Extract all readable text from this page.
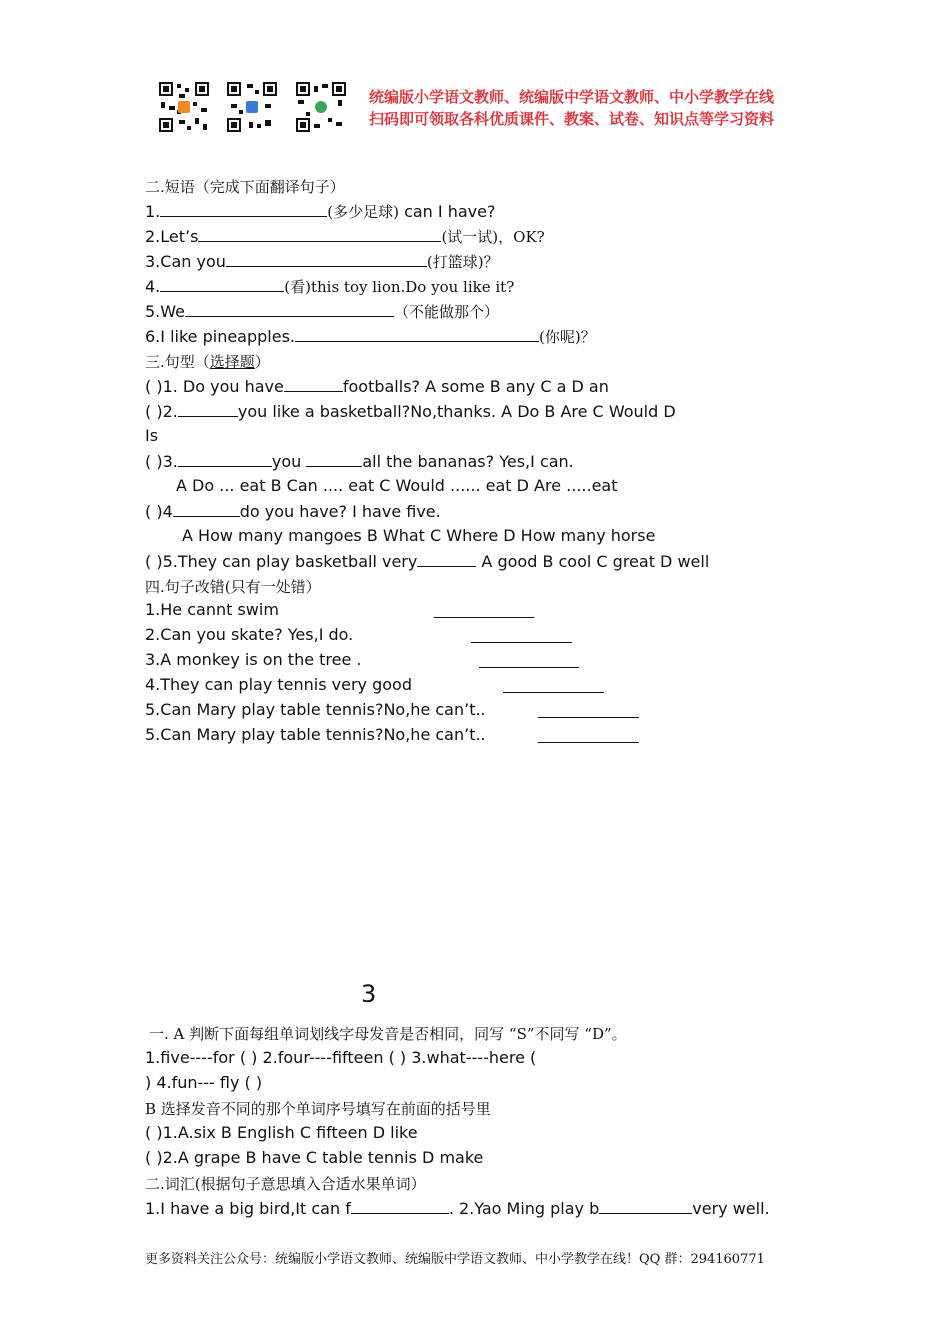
统编版小学语文教师、统编版中学语文教师、中小学教学在线
扫码即可领取各科优质课件、教案、试卷、知识点等学习资料
二.短语（完成下面翻译句子）
1.	(多少足球) can I have?
2.Let’s	(试一试)，OK?
3.Can you	(打篮球)？
4.	(看)this toy lion.Do you like it?
5.We	（不能做那个）
6.I like pineapples.	(你呢)？
三.句型（选择题）
( )1. Do you have	footballs? A some B any C a D an
( )2.	you like a basketball?No,thanks. A Do B Are C Would D
Is
( )3.	you	all the bananas? Yes,I can.
A Do ... eat B Can .... eat C Would ...... eat D Are .....eat
( )4	do you have? I have five.
A How many mangoes B What C Where D How many horse
( )5.They can play basketball very	A good B cool C great D well
四.句子改错(只有一处错）
1.He cannt swim
2.Can you skate? Yes,I do.
3.A monkey is on the tree .
4.They can play tennis very good
5.Can Mary play table tennis?No,he can’t..
5.Can Mary play table tennis?No,he can’t..
3
一. A 判断下面每组单词划线字母发音是否相同，同写 “S”不同写 “D”。
1.five----for ( ) 2.four----fifteen ( ) 3.what----here (
) 4.fun--- fly ( )
B 选择发音不同的那个单词序号填写在前面的括号里
( )1.A.six B English C fifteen D like
( )2.A grape B have C table tennis D make
二.词汇(根据句子意思填入合适水果单词）
1.I have a big bird,It can f	. 2.Yao Ming play b	very well.
更多资料关注公众号：统编版小学语文教师、统编版中学语文教师、中小学教学在线！QQ 群：294160771
